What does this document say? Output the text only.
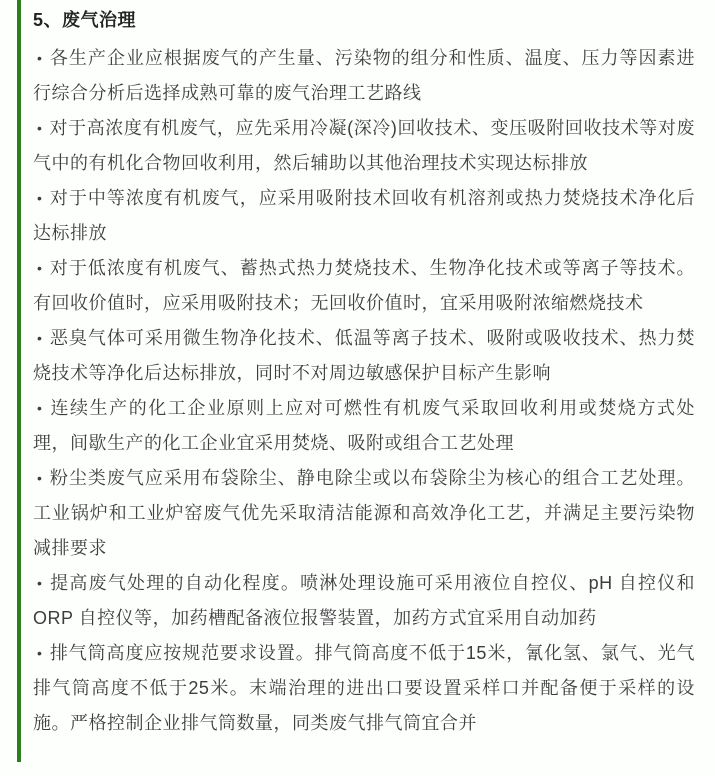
5、废气治理

• 各生产企业应根据废气的产生量、污染物的组分和性质、温度、压力等因素进行综合分析后选择成熟可靠的废气治理工艺路线

• 对于高浓度有机废气，应先采用冷凝(深冷)回收技术、变压吸附回收技术等对废气中的有机化合物回收利用，然后辅助以其他治理技术实现达标排放

• 对于中等浓度有机废气，应采用吸附技术回收有机溶剂或热力焚烧技术净化后达标排放

• 对于低浓度有机废气、蓄热式热力焚烧技术、生物净化技术或等离子等技术。有回收价值时，应采用吸附技术；无回收价值时，宜采用吸附浓缩燃烧技术

• 恶臭气体可采用微生物净化技术、低温等离子技术、吸附或吸收技术、热力焚烧技术等净化后达标排放，同时不对周边敏感保护目标产生影响

• 连续生产的化工企业原则上应对可燃性有机废气采取回收利用或焚烧方式处理，间歇生产的化工企业宜采用焚烧、吸附或组合工艺处理

• 粉尘类废气应采用布袋除尘、静电除尘或以布袋除尘为核心的组合工艺处理。工业锅炉和工业炉窑废气优先采取清洁能源和高效净化工艺，并满足主要污染物减排要求

• 提高废气处理的自动化程度。喷淋处理设施可采用液位自控仪、pH 自控仪和ORP 自控仪等，加药槽配备液位报警装置，加药方式宜采用自动加药

• 排气筒高度应按规范要求设置。排气筒高度不低于15米，氰化氢、氯气、光气排气筒高度不低于25米。末端治理的进出口要设置采样口并配备便于采样的设施。严格控制企业排气筒数量，同类废气排气筒宜合并
